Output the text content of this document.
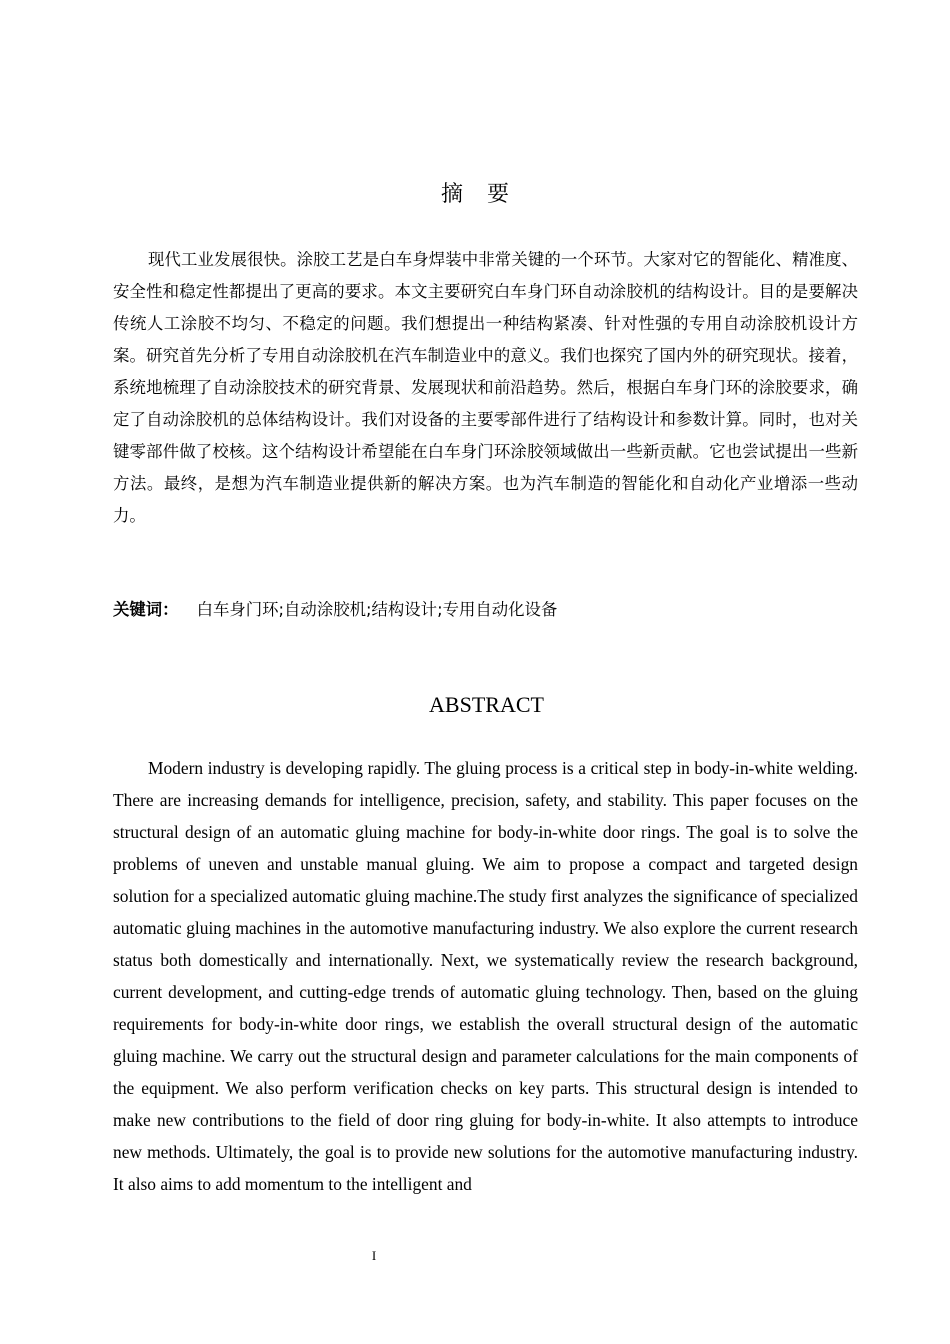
摘要

现代工业发展很快。涂胶工艺是白车身焊装中非常关键的一个环节。大家对它的智能化、精准度、安全性和稳定性都提出了更高的要求。本文主要研究白车身门环自动涂胶机的结构设计。目的是要解决传统人工涂胶不均匀、不稳定的问题。我们想提出一种结构紧凑、针对性强的专用自动涂胶机设计方案。研究首先分析了专用自动涂胶机在汽车制造业中的意义。我们也探究了国内外的研究现状。接着，系统地梳理了自动涂胶技术的研究背景、发展现状和前沿趋势。然后，根据白车身门环的涂胶要求，确定了自动涂胶机的总体结构设计。我们对设备的主要零部件进行了结构设计和参数计算。同时，也对关键零部件做了校核。这个结构设计希望能在白车身门环涂胶领域做出一些新贡献。它也尝试提出一些新方法。最终，是想为汽车制造业提供新的解决方案。也为汽车制造的智能化和自动化产业增添一些动力。

关键词： 白车身门环;自动涂胶机;结构设计;专用自动化设备
ABSTRACT

Modern industry is developing rapidly. The gluing process is a critical step in body-in-white welding. There are increasing demands for intelligence, precision, safety, and stability. This paper focuses on the structural design of an automatic gluing machine for body-in-white door rings. The goal is to solve the problems of uneven and unstable manual gluing. We aim to propose a compact and targeted design solution for a specialized automatic gluing machine.The study first analyzes the significance of specialized automatic gluing machines in the automotive manufacturing industry. We also explore the current research status both domestically and internationally. Next, we systematically review the research background, current development, and cutting-edge trends of automatic gluing technology. Then, based on the gluing requirements for body-in-white door rings, we establish the overall structural design of the automatic gluing machine. We carry out the structural design and parameter calculations for the main components of the equipment. We also perform verification checks on key parts. This structural design is intended to make new contributions to the field of door ring gluing for body-in-white. It also attempts to introduce new methods. Ultimately, the goal is to provide new solutions for the automotive manufacturing industry. It also aims to add momentum to the intelligent and

I
